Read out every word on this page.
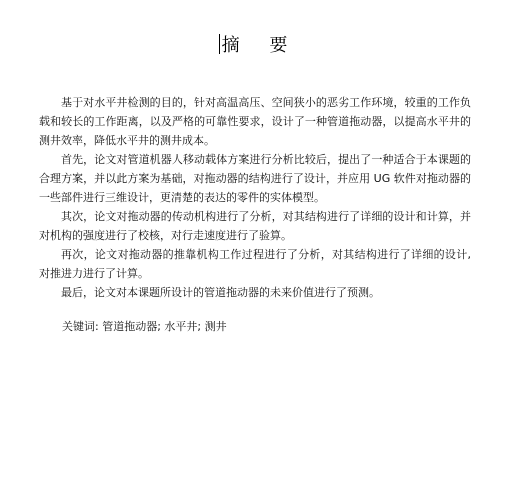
摘 要

基于对水平井检测的目的，针对高温高压、空间狭小的恶劣工作环境，较重的工作负载和较长的工作距离，以及严格的可靠性要求，设计了一种管道拖动器，以提高水平井的测井效率，降低水平井的测井成本。

首先，论文对管道机器人移动载体方案进行分析比较后，提出了一种适合于本课题的合理方案，并以此方案为基础，对拖动器的结构进行了设计，并应用 UG 软件对拖动器的一些部件进行三维设计，更清楚的表达的零件的实体模型。

其次，论文对拖动器的传动机构进行了分析，对其结构进行了详细的设计和计算，并对机构的强度进行了校核，对行走速度进行了验算。

再次，论文对拖动器的推靠机构工作过程进行了分析，对其结构进行了详细的设计,对推进力进行了计算。

最后，论文对本课题所设计的管道拖动器的未来价值进行了预测。

关键词: 管道拖动器; 水平井; 测井
